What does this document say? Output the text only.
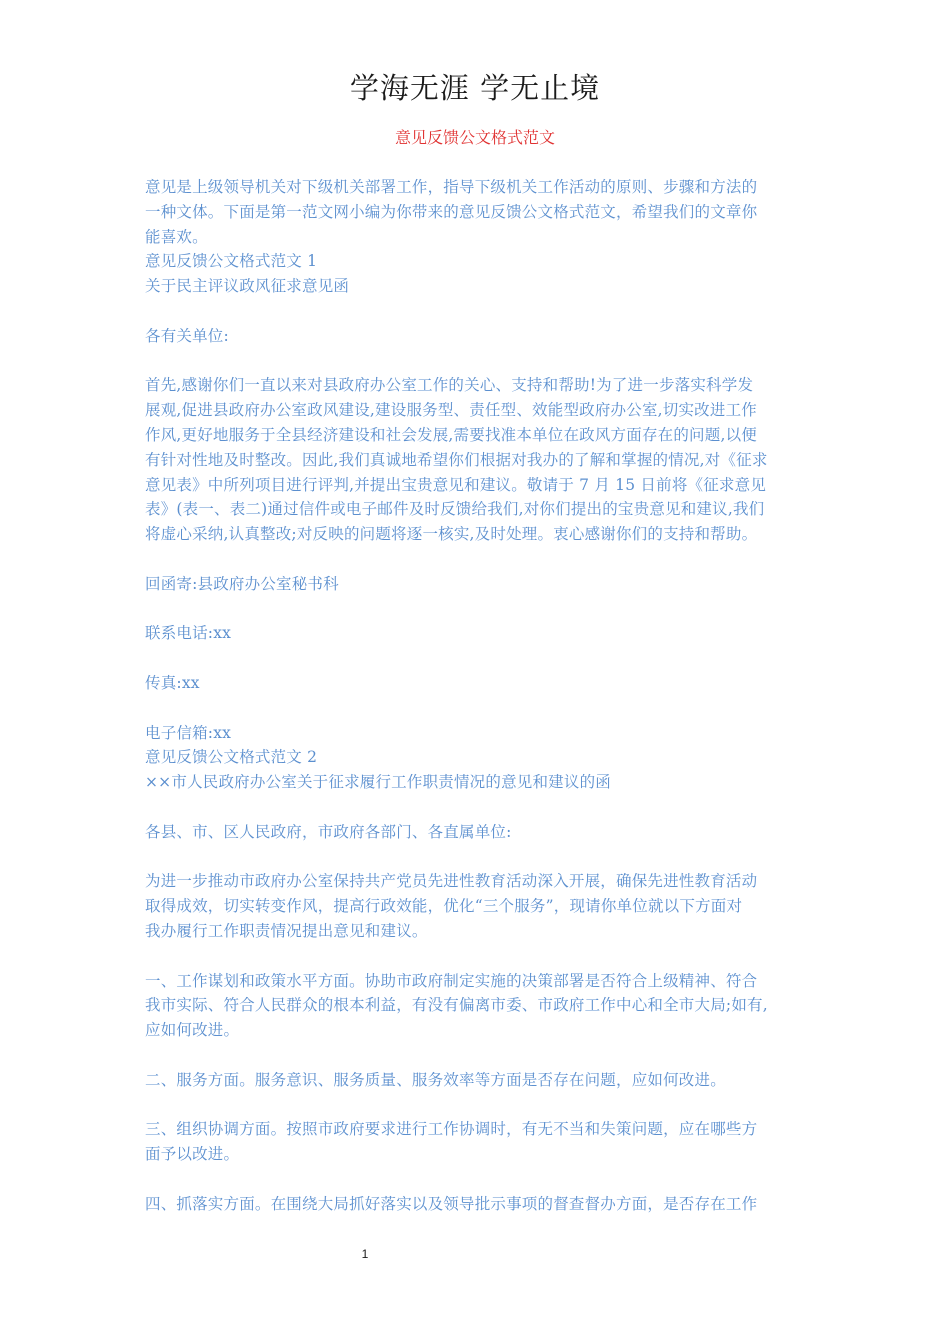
学海无涯 学无止境
意见反馈公文格式范文

意见是上级领导机关对下级机关部署工作，指导下级机关工作活动的原则、步骤和方法的

一种文体。下面是第一范文网小编为你带来的意见反馈公文格式范文，希望我们的文章你

能喜欢。

意见反馈公文格式范文 1

关于民主评议政风征求意见函

各有关单位:

首先,感谢你们一直以来对县政府办公室工作的关心、支持和帮助!为了进一步落实科学发

展观,促进县政府办公室政风建设,建设服务型、责任型、效能型政府办公室,切实改进工作

作风,更好地服务于全县经济建设和社会发展,需要找准本单位在政风方面存在的问题,以便

有针对性地及时整改。因此,我们真诚地希望你们根据对我办的了解和掌握的情况,对《征求

意见表》中所列项目进行评判,并提出宝贵意见和建议。敬请于 7 月 15 日前将《征求意见

表》(表一、表二)通过信件或电子邮件及时反馈给我们,对你们提出的宝贵意见和建议,我们

将虚心采纳,认真整改;对反映的问题将逐一核实,及时处理。衷心感谢你们的支持和帮助。

回函寄:县政府办公室秘书科

联系电话:xx

传真:xx

电子信箱:xx

意见反馈公文格式范文 2

××市人民政府办公室关于征求履行工作职责情况的意见和建议的函

各县、市、区人民政府，市政府各部门、各直属单位:

为进一步推动市政府办公室保持共产党员先进性教育活动深入开展，确保先进性教育活动

取得成效，切实转变作风，提高行政效能，优化“三个服务”，现请你单位就以下方面对

我办履行工作职责情况提出意见和建议。

一、工作谋划和政策水平方面。协助市政府制定实施的决策部署是否符合上级精神、符合

我市实际、符合人民群众的根本利益，有没有偏离市委、市政府工作中心和全市大局;如有,

应如何改进。

二、服务方面。服务意识、服务质量、服务效率等方面是否存在问题，应如何改进。

三、组织协调方面。按照市政府要求进行工作协调时，有无不当和失策问题，应在哪些方

面予以改进。

四、抓落实方面。在围绕大局抓好落实以及领导批示事项的督查督办方面，是否存在工作

1
